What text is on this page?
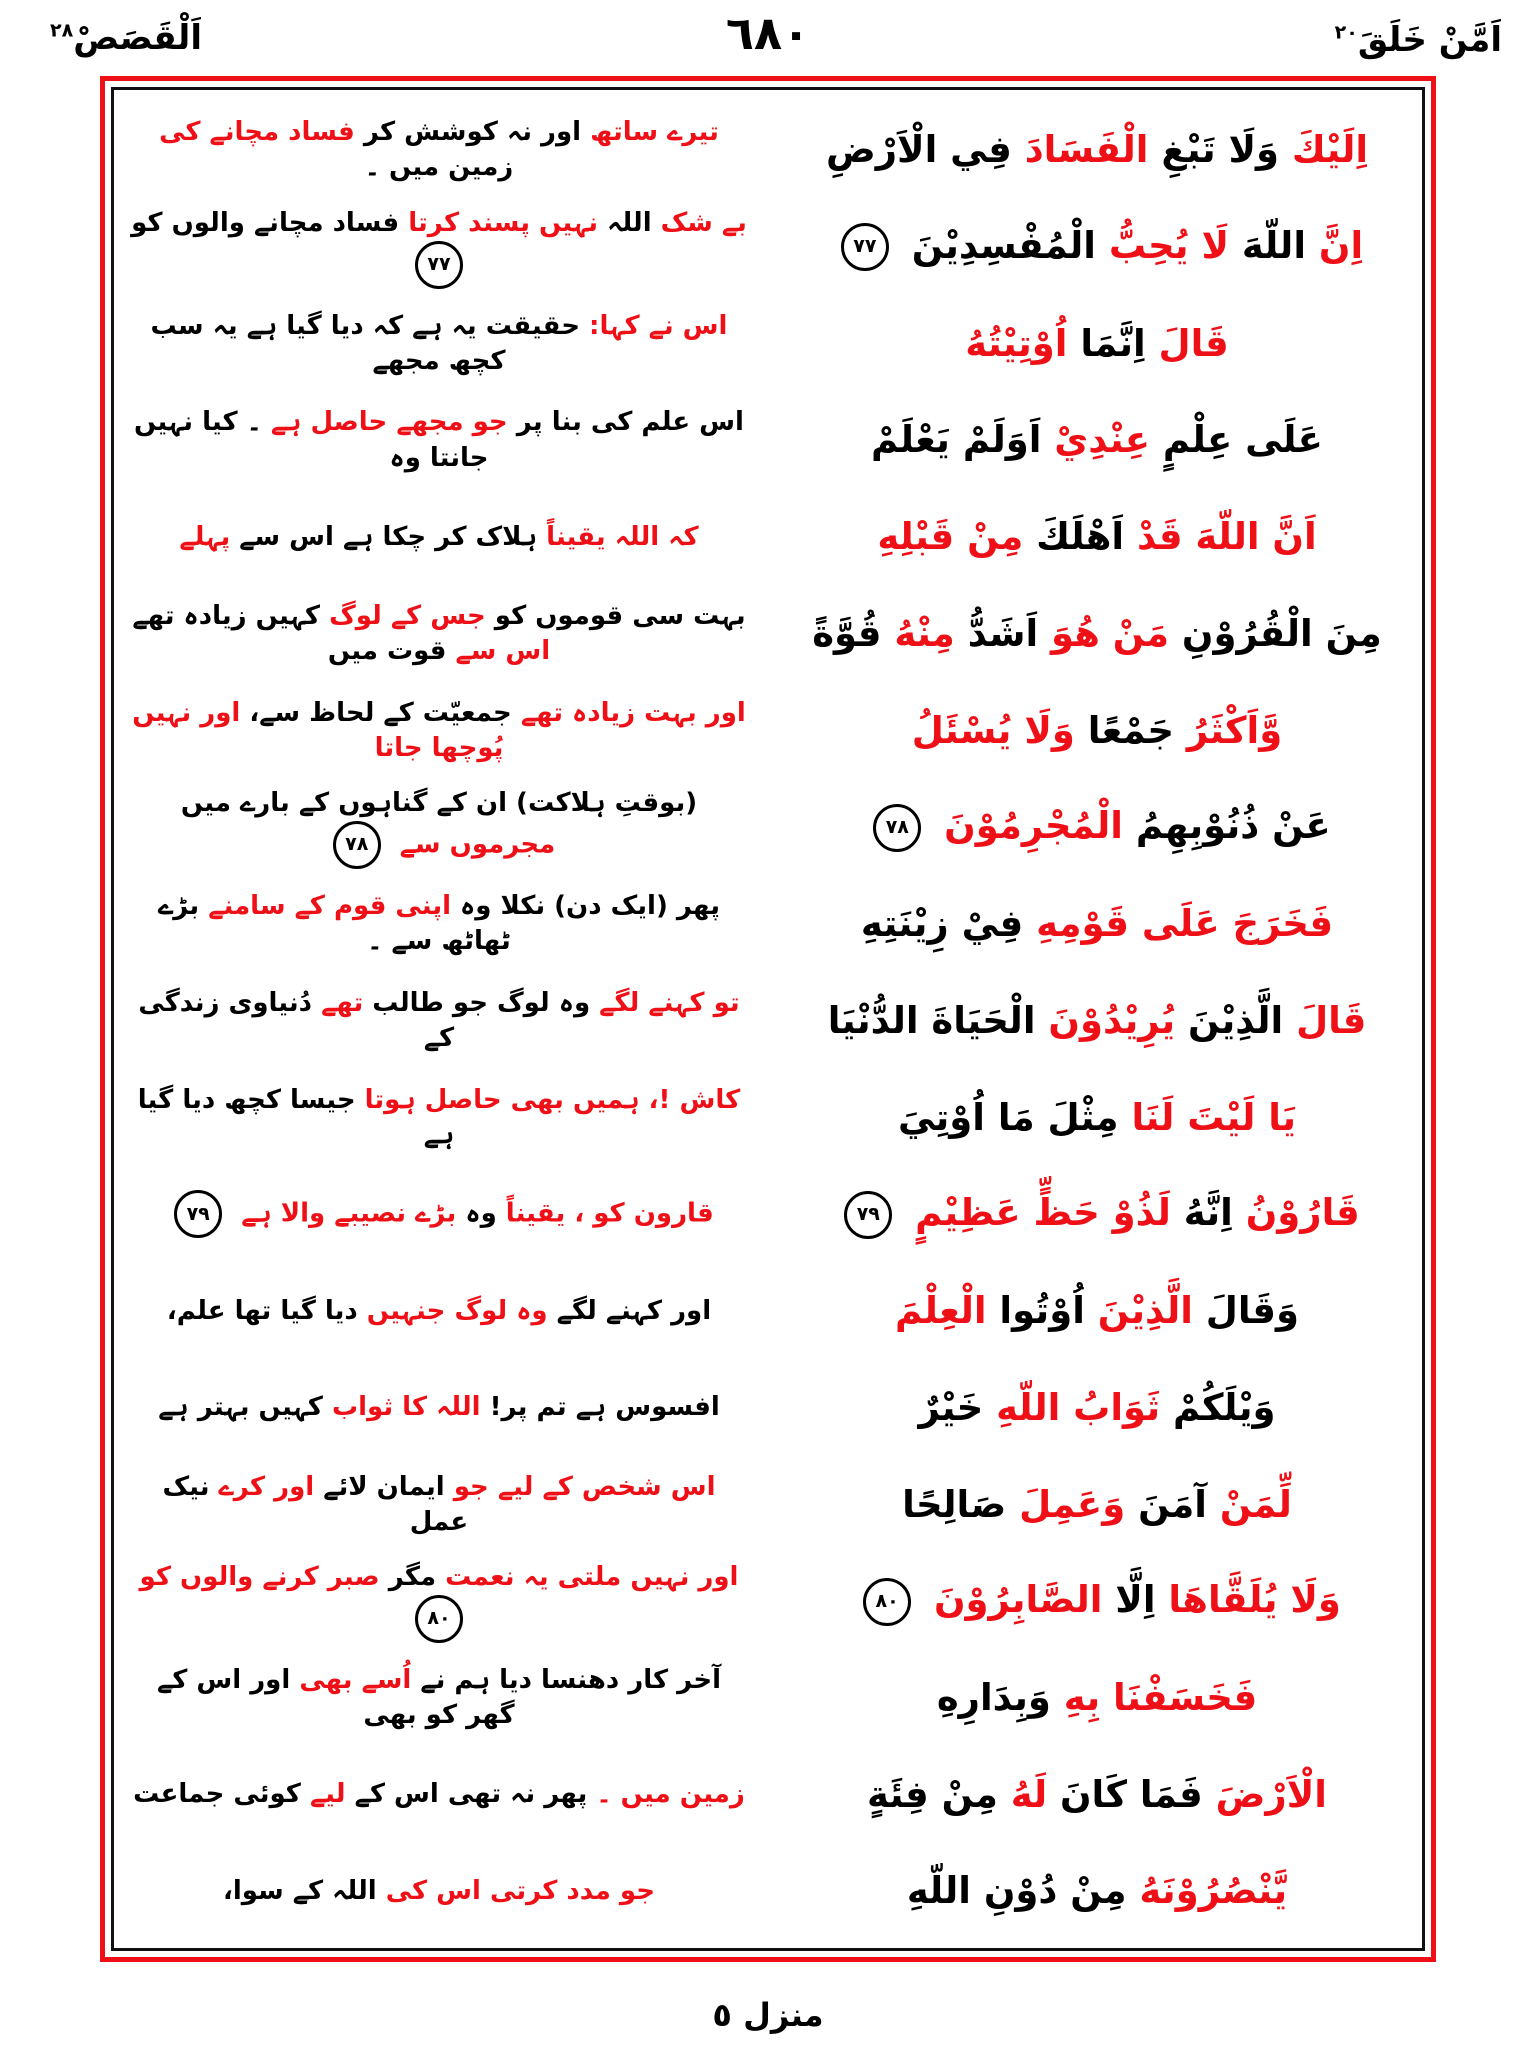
اَلْقَصَصْ$^{٢٨}$	٦٨٠	اَمَّنْ خَلَقَ$^{٢٠}$
اِلَيْكَ وَلَا تَبْغِ الْفَسَادَ فِي الْاَرْضِ
تیرے ساتھ اور نہ کوشش کر فساد مچانے کی زمین میں ۔
اِنَّ اللّهَ لَا يُحِبُّ الْمُفْسِدِيْنَ ٧٧
بے شک اللہ نہیں پسند کرتا فساد مچانے والوں کو ٧٧
قَالَ اِنَّمَا اُوْتِيْتُهُ
اس نے کہا: حقیقت یہ ہے کہ دیا گیا ہے یہ سب کچھ مجھے
عَلَى عِلْمٍ عِنْدِيْ اَوَلَمْ يَعْلَمْ
اس علم کی بنا پر جو مجھے حاصل ہے ۔ کیا نہیں جانتا وہ
اَنَّ اللّهَ قَدْ اَهْلَكَ مِنْ قَبْلِهِ
کہ اللہ یقیناً ہلاک کر چکا ہے اس سے پہلے
مِنَ الْقُرُوْنِ مَنْ هُوَ اَشَدُّ مِنْهُ قُوَّةً
بہت سی قوموں کو جس کے لوگ کہیں زیادہ تھے اس سے قوت میں
وَّاَكْثَرُ جَمْعًا وَلَا يُسْئَلُ
اور بہت زیادہ تھے جمعیّت کے لحاظ سے، اور نہیں پُوچھا جاتا
عَنْ ذُنُوْبِهِمُ الْمُجْرِمُوْنَ ٧٨
(بوقتِ ہلاکت) ان کے گناہوں کے بارے میں مجرموں سے ٧٨
فَخَرَجَ عَلَى قَوْمِهِ فِيْ زِيْنَتِهِ
پھر (ایک دن) نکلا وہ اپنی قوم کے سامنے بڑے ٹھاٹھ سے ۔
قَالَ الَّذِيْنَ يُرِيْدُوْنَ الْحَيَاةَ الدُّنْيَا
تو کہنے لگے وہ لوگ جو طالب تھے دُنیاوی زندگی کے
يَا لَيْتَ لَنَا مِثْلَ مَا اُوْتِيَ
کاش !، ہمیں بھی حاصل ہوتا جیسا کچھ دیا گیا ہے
قَارُوْنُ اِنَّهُ لَذُوْ حَظٍّ عَظِيْمٍ ٧٩
قارون کو ، یقیناً وہ بڑے نصیبے والا ہے ٧٩
وَقَالَ الَّذِيْنَ اُوْتُوا الْعِلْمَ
اور کہنے لگے وہ لوگ جنہیں دیا گیا تھا علم،
وَيْلَكُمْ ثَوَابُ اللّهِ خَيْرٌ
افسوس ہے تم پر! اللہ کا ثواب کہیں بہتر ہے
لِّمَنْ آمَنَ وَعَمِلَ صَالِحًا
اس شخص کے لیے جو ایمان لائے اور کرے نیک عمل
وَلَا يُلَقَّاهَا اِلَّا الصَّابِرُوْنَ ٨٠
اور نہیں ملتی یہ نعمت مگر صبر کرنے والوں کو ٨٠
فَخَسَفْنَا بِهِ وَبِدَارِهِ
آخر کار دھنسا دیا ہم نے اُسے بھی اور اس کے گھر کو بھی
الْاَرْضَ فَمَا كَانَ لَهُ مِنْ فِئَةٍ
زمین میں ۔ پھر نہ تھی اس کے لیے کوئی جماعت
يَّنْصُرُوْنَهُ مِنْ دُوْنِ اللّهِ
جو مدد کرتی اس کی اللہ کے سوا،
منزل ٥
